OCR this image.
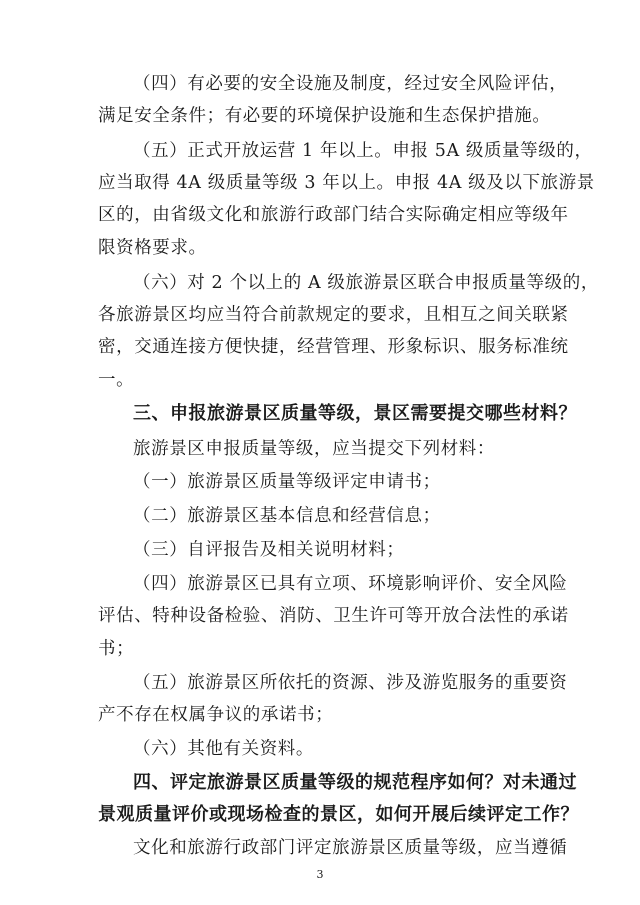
（四）有必要的安全设施及制度，经过安全风险评估，
满足安全条件；有必要的环境保护设施和生态保护措施。
（五）正式开放运营 1 年以上。申报 5A 级质量等级的，
应当取得 4A 级质量等级 3 年以上。申报 4A 级及以下旅游景
区的，由省级文化和旅游行政部门结合实际确定相应等级年
限资格要求。
（六）对 2 个以上的 A 级旅游景区联合申报质量等级的，
各旅游景区均应当符合前款规定的要求，且相互之间关联紧
密，交通连接方便快捷，经营管理、形象标识、服务标准统
一。
三、申报旅游景区质量等级，景区需要提交哪些材料？
旅游景区申报质量等级，应当提交下列材料：
（一）旅游景区质量等级评定申请书；
（二）旅游景区基本信息和经营信息；
（三）自评报告及相关说明材料；
（四）旅游景区已具有立项、环境影响评价、安全风险
评估、特种设备检验、消防、卫生许可等开放合法性的承诺
书；
（五）旅游景区所依托的资源、涉及游览服务的重要资
产不存在权属争议的承诺书；
（六）其他有关资料。
四、评定旅游景区质量等级的规范程序如何？对未通过
景观质量评价或现场检查的景区，如何开展后续评定工作？
文化和旅游行政部门评定旅游景区质量等级，应当遵循
3
